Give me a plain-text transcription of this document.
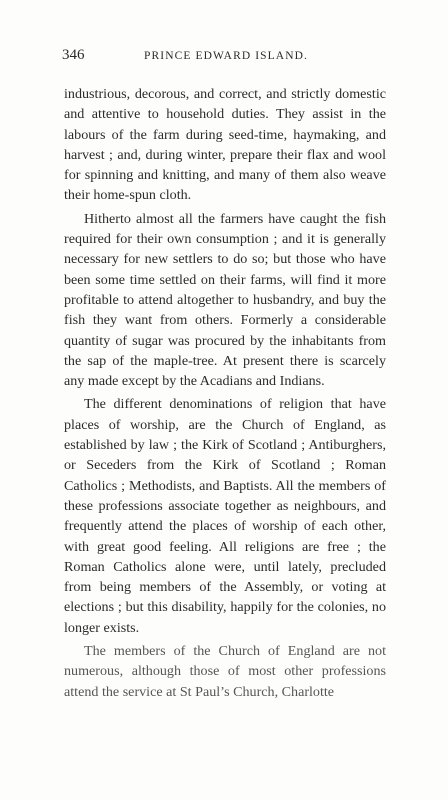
346	PRINCE EDWARD ISLAND.

industrious, decorous, and correct, and strictly domestic and attentive to household duties. They assist in the labours of the farm during seed-time, haymaking, and harvest ; and, during winter, prepare their flax and wool for spinning and knitting, and many of them also weave their home-spun cloth.

Hitherto almost all the farmers have caught the fish required for their own consumption ; and it is generally necessary for new settlers to do so; but those who have been some time settled on their farms, will find it more profitable to attend altogether to husbandry, and buy the fish they want from others. Formerly a considerable quantity of sugar was procured by the inhabitants from the sap of the maple-tree. At present there is scarcely any made except by the Acadians and Indians.

The different denominations of religion that have places of worship, are the Church of England, as established by law ; the Kirk of Scotland ; Antiburghers, or Seceders from the Kirk of Scotland ; Roman Catholics ; Methodists, and Baptists. All the members of these professions associate together as neighbours, and frequently attend the places of worship of each other, with great good feeling. All religions are free ; the Roman Catholics alone were, until lately, precluded from being members of the Assembly, or voting at elections ; but this disability, happily for the colonies, no longer exists.

The members of the Church of England are not numerous, although those of most other professions attend the service at St Paul’s Church, Charlotte
